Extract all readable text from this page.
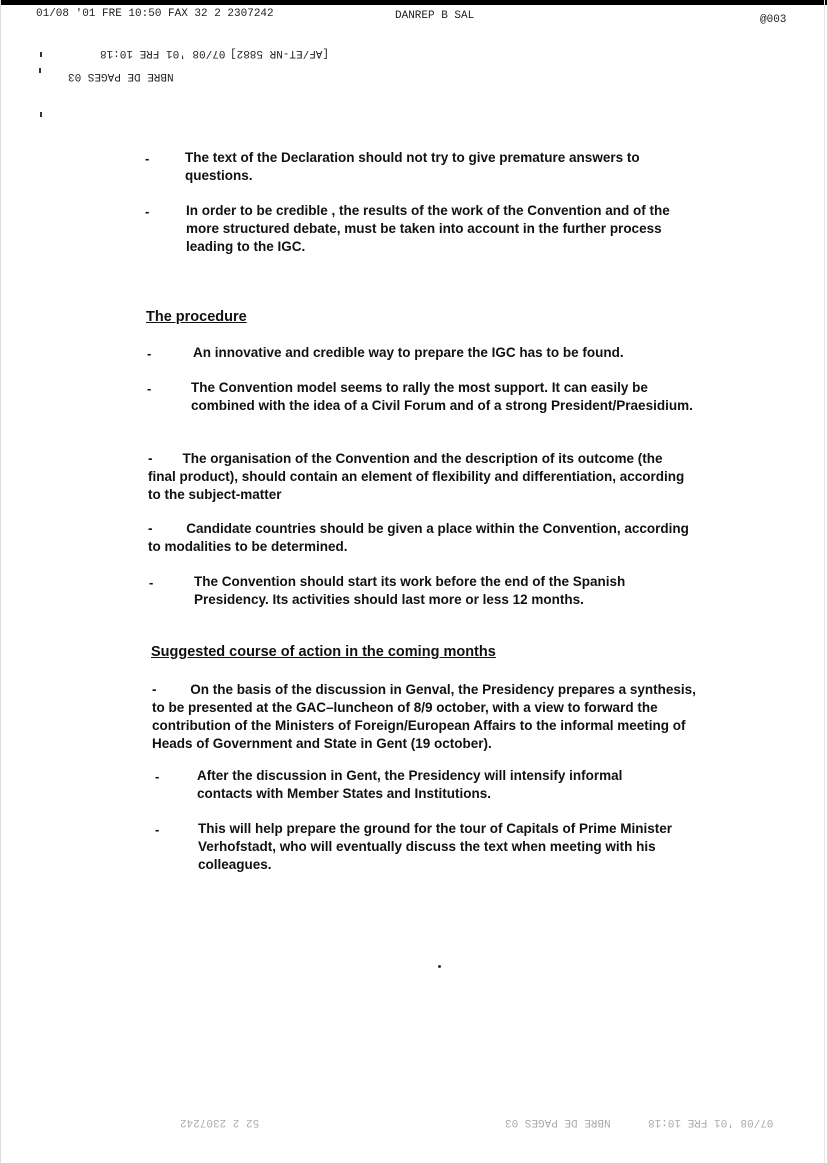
01/08 '01 FRE 10:50 FAX 32 2 2307242	DANREP B SAL	@003
07/08 '01 FRE 10:18 [AF/ET-NR 5882]
NBRE DE PAGES 03
-	The text of the Declaration should not try to give premature answers to questions.
-	In order to be credible , the results of the work of the Convention and of the more structured debate, must be taken into account in the further process leading to the IGC.
The procedure
-	An innovative and credible way to prepare the IGC has to be found.
-	The Convention model seems to rally the most support. It can easily be combined with the idea of a Civil Forum and of a strong President/Praesidium.
- The organisation of the Convention and the description of its outcome (the final product), should contain an element of flexibility and differentiation, according to the subject-matter
-	Candidate countries should be given a place within the Convention, according to modalities to be determined.
-	The Convention should start its work before the end of the Spanish Presidency. Its activities should last more or less 12 months.
Suggested course of action in the coming months
-	On the basis of the discussion in Genval, the Presidency prepares a synthesis, to be presented at the GAC–luncheon of 8/9 october, with a view to forward the contribution of the Ministers of Foreign/European Affairs to the informal meeting of Heads of Government and State in Gent (19 october).
-	After the discussion in Gent, the Presidency will intensify informal contacts with Member States and Institutions.
-	This will help prepare the ground for the tour of Capitals of Prime Minister Verhofstadt, who will eventually discuss the text when meeting with his colleagues.
52 2 2307242	NBRE DE PAGES 03	07/08 '01 FRE 10:18
